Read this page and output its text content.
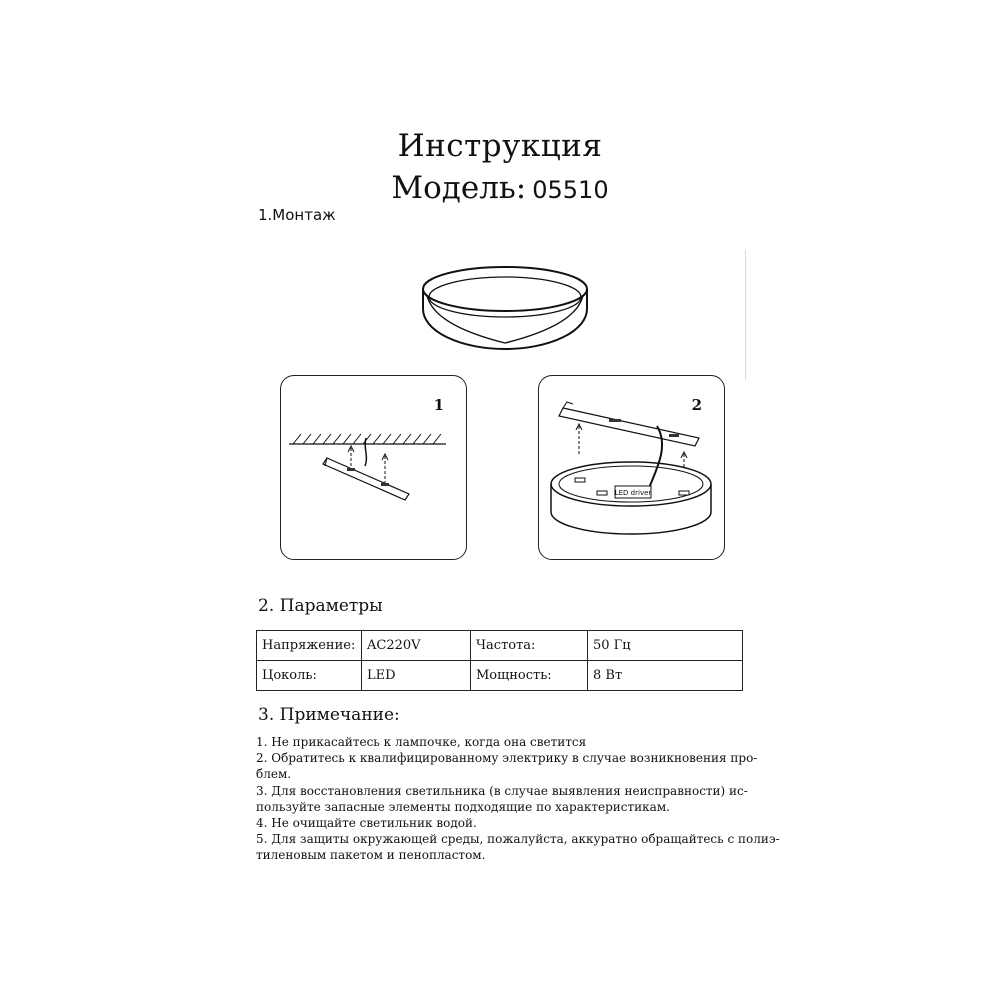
Инструкция
Модель: 05510
1.Монтаж
1	2
LED driver
2. Параметры
Напряжение:	AC220V	Частота:	50 Гц
Цоколь:	LED	Мощность:	8 Вт
3. Примечание:
1. Не прикасайтесь к лампочке, когда она светится
2. Обратитесь к квалифицированному электрику в случае возникновения про-
блем.
3. Для восстановления светильника (в случае выявления неисправности) ис-
пользуйте запасные элементы подходящие по характеристикам.
4. Не очищайте светильник водой.
5. Для защиты окружающей среды, пожалуйста, аккуратно обращайтесь с полиэ-
тиленовым пакетом и пенопластом.
